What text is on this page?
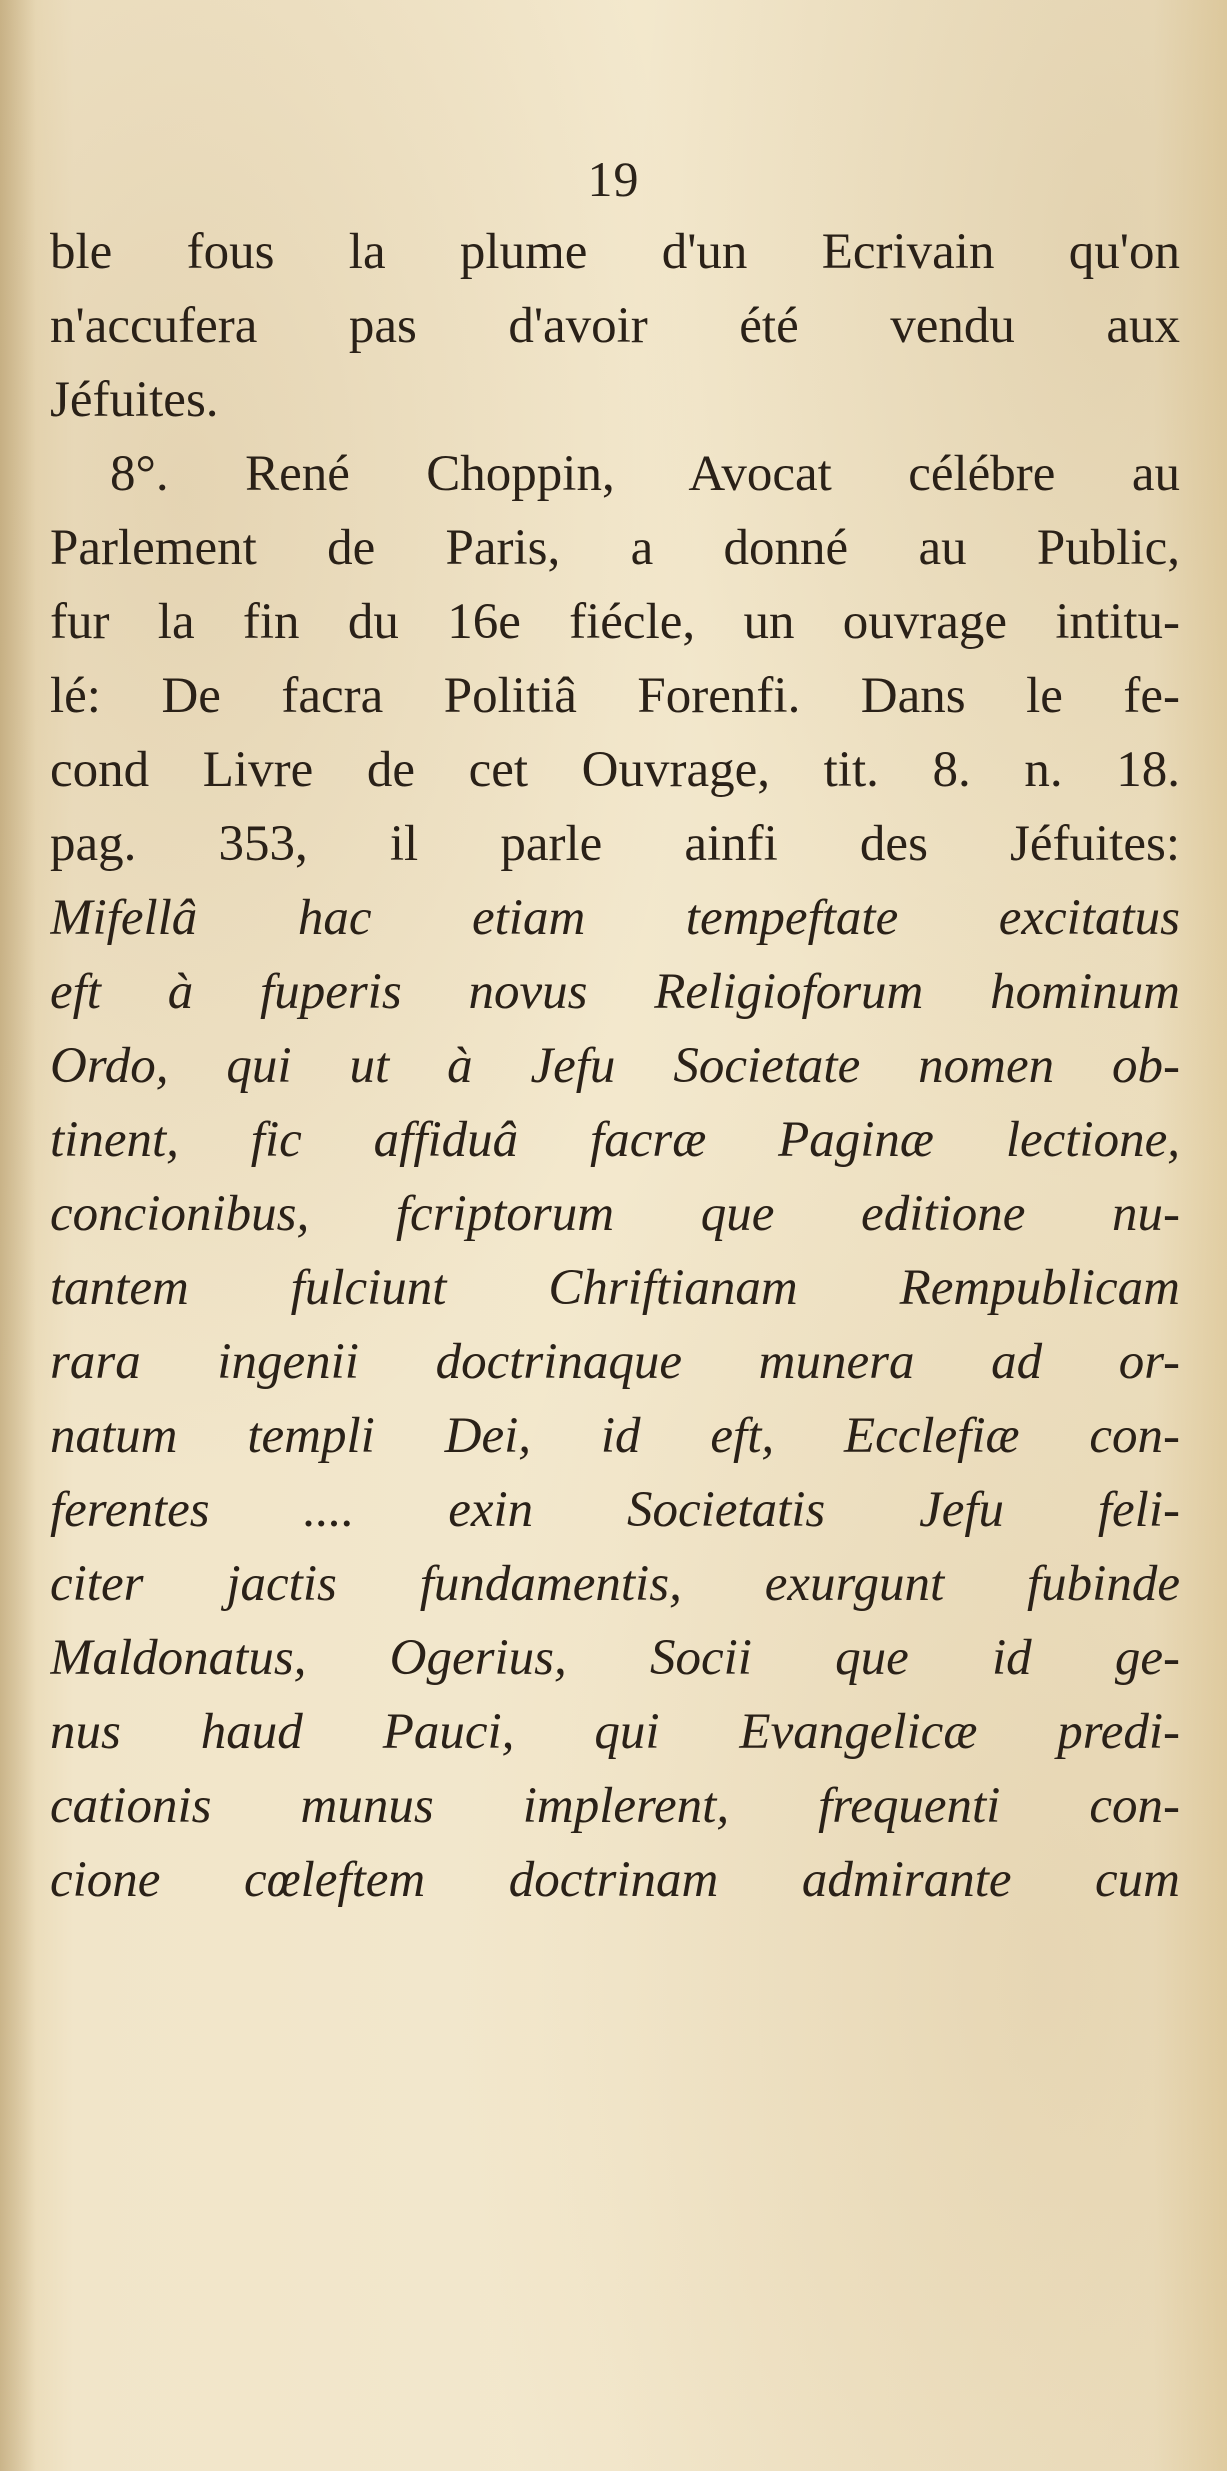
19
ble fous la plume d'un Ecrivain qu'on
n'accufera pas d'avoir été vendu aux
Jéfuites.
8°. René Choppin, Avocat célébre au
Parlement de Paris, a donné au Public,
fur la fin du 16e fiécle, un ouvrage intitu-
lé: De facra Politiâ Forenfi. Dans le fe-
cond Livre de cet Ouvrage, tit. 8. n. 18.
pag. 353, il parle ainfi des Jéfuites:
Mifellâ hac etiam tempeftate excitatus
eft à fuperis novus Religioforum hominum
Ordo, qui ut à Jefu Societate nomen ob-
tinent, fic affiduâ facræ Paginæ lectione,
concionibus, fcriptorum que editione nu-
tantem fulciunt Chriftianam Rempublicam
rara ingenii doctrinaque munera ad or-
natum templi Dei, id eft, Ecclefiæ con-
ferentes .... exin Societatis Jefu feli-
citer jactis fundamentis, exurgunt fubinde
Maldonatus, Ogerius, Socii que id ge-
nus haud Pauci, qui Evangelicæ predi-
cationis munus implerent, frequenti con-
cione cœleftem doctrinam admirante cum
